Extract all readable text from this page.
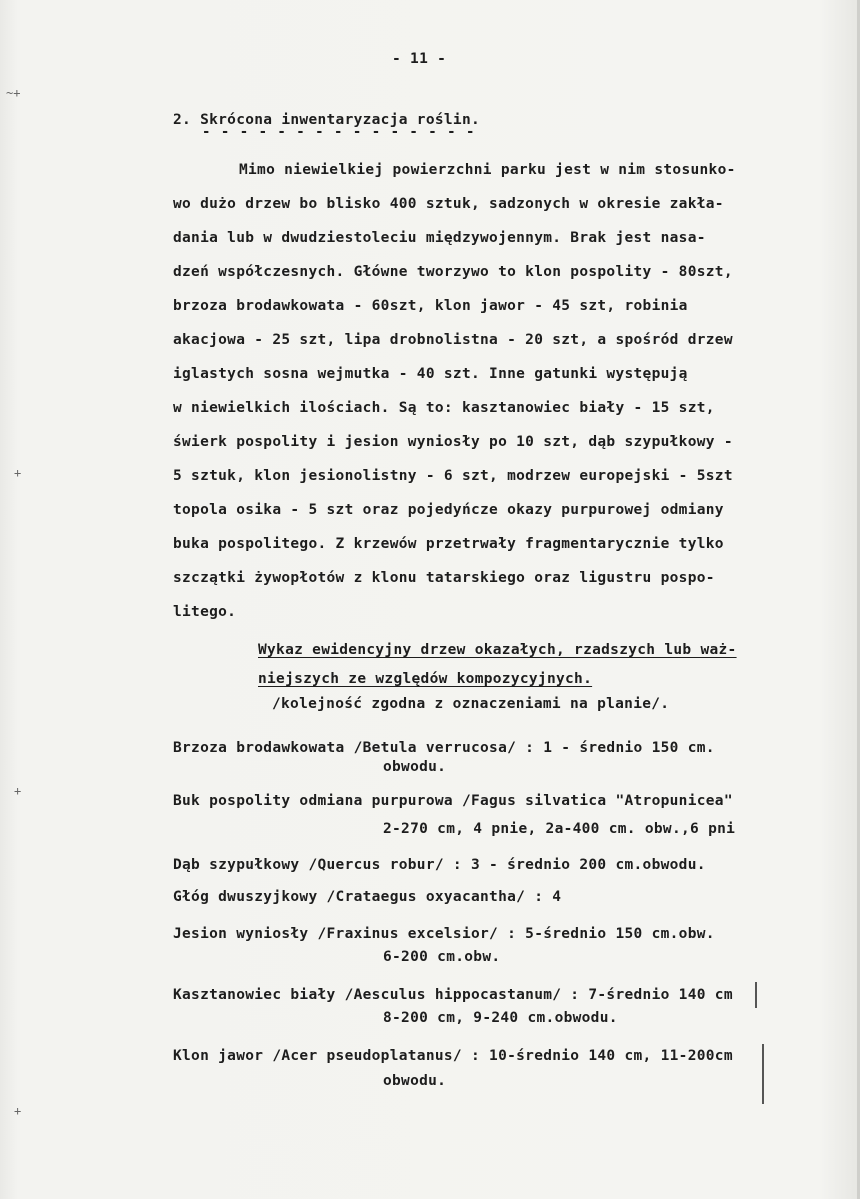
~+
+
+
+
- 11 -
2. Skrócona inwentaryzacja roślin.
- - - - - - - - - - - - - - -
Mimo niewielkiej powierzchni parku jest w nim stosunko-
wo dużo drzew bo blisko 400 sztuk, sadzonych w okresie zakła-
dania lub w dwudziestoleciu międzywojennym. Brak jest nasa-
dzeń współczesnych. Główne tworzywo to klon pospolity - 80szt,
brzoza brodawkowata - 60szt, klon jawor - 45 szt, robinia
akacjowa - 25 szt, lipa drobnolistna - 20 szt, a spośród drzew
iglastych sosna wejmutka - 40 szt. Inne gatunki występują
w niewielkich ilościach. Są to: kasztanowiec biały - 15 szt,
świerk pospolity i jesion wyniosły po 10 szt, dąb szypułkowy -
5 sztuk, klon jesionolistny - 6 szt, modrzew europejski - 5szt
topola osika - 5 szt oraz pojedyńcze okazy purpurowej odmiany
buka pospolitego. Z krzewów przetrwały fragmentarycznie tylko
szczątki żywopłotów z klonu tatarskiego oraz ligustru pospo-
litego.
Wykaz ewidencyjny drzew okazałych, rzadszych lub waż-
niejszych ze względów kompozycyjnych.
/kolejność zgodna z oznaczeniami na planie/.
Brzoza brodawkowata /Betula verrucosa/ : 1 - średnio 150 cm.
obwodu.
Buk pospolity odmiana purpurowa /Fagus silvatica "Atropunicea"
2-270 cm, 4 pnie, 2a-400 cm. obw.,6 pni
Dąb szypułkowy /Quercus robur/ : 3 - średnio 200 cm.obwodu.
Głóg dwuszyjkowy /Crataegus oxyacantha/ : 4
Jesion wyniosły /Fraxinus excelsior/ : 5-średnio 150 cm.obw.
6-200 cm.obw.
Kasztanowiec biały /Aesculus hippocastanum/ : 7-średnio 140 cm
8-200 cm, 9-240 cm.obwodu.
Klon jawor /Acer pseudoplatanus/ : 10-średnio 140 cm, 11-200cm
obwodu.
